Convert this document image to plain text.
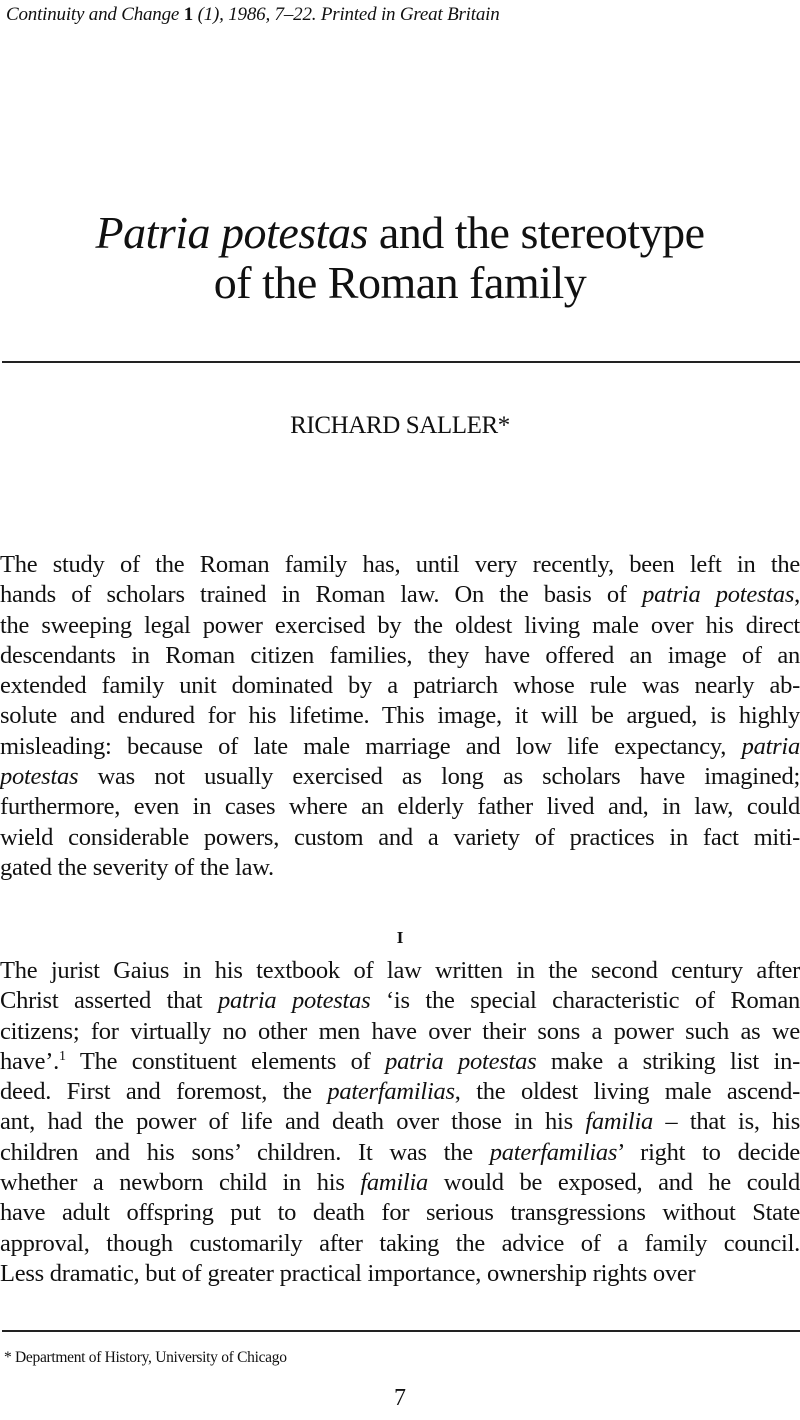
Continuity and Change 1 (1), 1986, 7–22. Printed in Great Britain
Patria potestas and the stereotype
of the Roman family
RICHARD SALLER*
The study of the Roman family has, until very recently, been left in the
hands of scholars trained in Roman law. On the basis of patria potestas,
the sweeping legal power exercised by the oldest living male over his direct
descendants in Roman citizen families, they have offered an image of an
extended family unit dominated by a patriarch whose rule was nearly ab-
solute and endured for his lifetime. This image, it will be argued, is highly
misleading: because of late male marriage and low life expectancy, patria
potestas was not usually exercised as long as scholars have imagined;
furthermore, even in cases where an elderly father lived and, in law, could
wield considerable powers, custom and a variety of practices in fact miti-
gated the severity of the law.
I
The jurist Gaius in his textbook of law written in the second century after
Christ asserted that patria potestas ‘is the special characteristic of Roman
citizens; for virtually no other men have over their sons a power such as we
have’.$^1$ The constituent elements of patria potestas make a striking list in-
deed. First and foremost, the paterfamilias, the oldest living male ascend-
ant, had the power of life and death over those in his familia – that is, his
children and his sons’ children. It was the paterfamilias’ right to decide
whether a newborn child in his familia would be exposed, and he could
have adult offspring put to death for serious transgressions without State
approval, though customarily after taking the advice of a family council.
Less dramatic, but of greater practical importance, ownership rights over
* Department of History, University of Chicago
7
